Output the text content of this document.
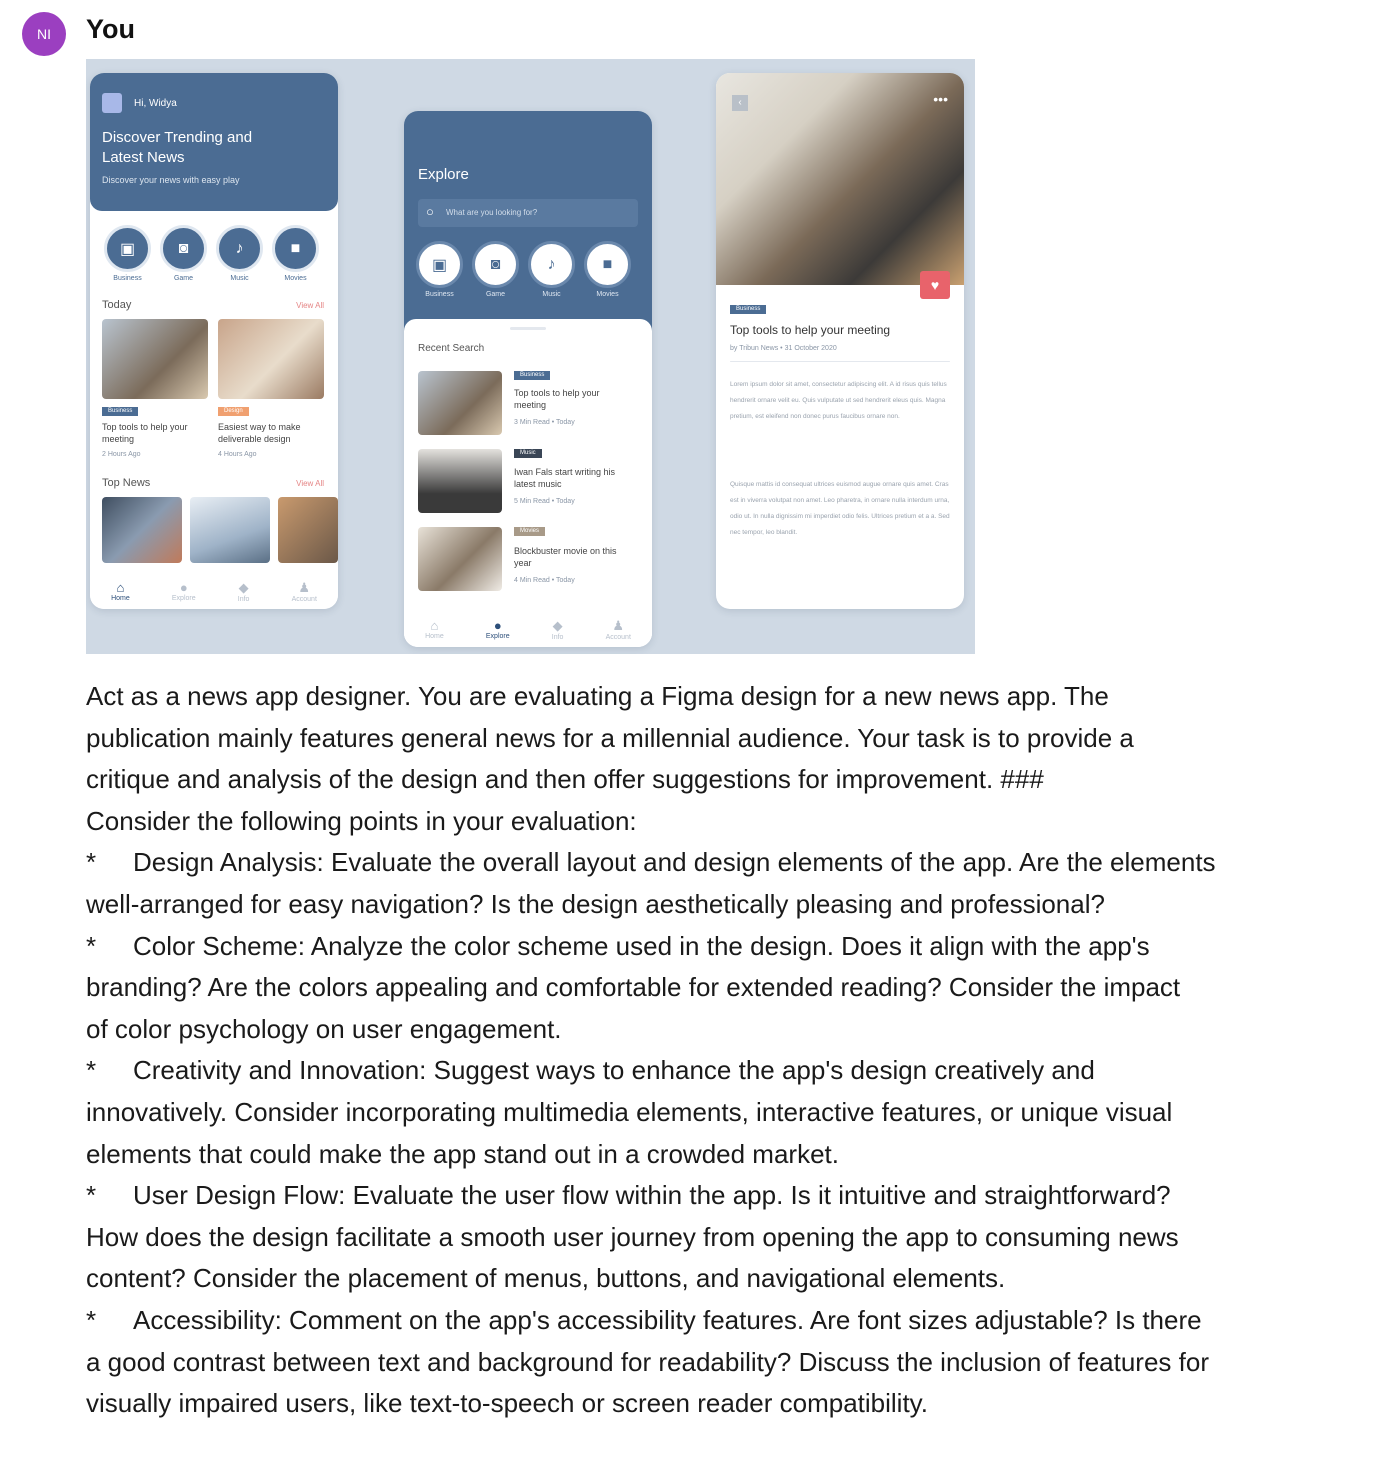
NI	You
Hi, Widya
Discover Trending and Latest News
Discover your news with easy play
▣
Business
◙
Game
♪
Music
■
Movies
Today	View All
Business	Design
Top tools to help your meeting
Easiest way to make deliverable design
2 Hours Ago	4 Hours Ago
Top News	View All
⌂
Home
●
Explore
◆
Info
♟
Account
Explore
○ What are you looking for?
▣
Business
◙
Game
♪
Music
■
Movies
Recent Search
Business
Top tools to help your meeting
3 Min Read • Today
Music
Iwan Fals start writing his latest music
5 Min Read • Today
Movies
Blockbuster movie on this year
4 Min Read • Today
⌂
Home
●
Explore
◆
Info
♟
Account
‹	•••
♥
Business
Top tools to help your meeting
by Tribun News • 31 October 2020
Lorem ipsum dolor sit amet, consectetur adipiscing elit. A id risus quis tellus hendrerit ornare velit eu. Quis vulputate ut sed hendrerit eleus quis. Magna pretium, est eleifend non donec purus faucibus ornare non.
Quisque mattis id consequat ultrices euismod augue ornare quis amet. Cras est in viverra volutpat non amet. Leo pharetra, in ornare nulla interdum urna, odio ut. In nulla dignissim mi imperdiet odio felis. Ultrices pretium et a a. Sed nec tempor, leo blandit.

Act as a news app designer. You are evaluating a Figma design for a new news app. The

publication mainly features general news for a millennial audience. Your task is to provide a

critique and analysis of the design and then offer suggestions for improvement. ###

Consider the following points in your evaluation:

* Design Analysis: Evaluate the overall layout and design elements of the app. Are the elements

well-arranged for easy navigation? Is the design aesthetically pleasing and professional?

* Color Scheme: Analyze the color scheme used in the design. Does it align with the app's

branding? Are the colors appealing and comfortable for extended reading? Consider the impact

of color psychology on user engagement.

* Creativity and Innovation: Suggest ways to enhance the app's design creatively and

innovatively. Consider incorporating multimedia elements, interactive features, or unique visual

elements that could make the app stand out in a crowded market.

* User Design Flow: Evaluate the user flow within the app. Is it intuitive and straightforward?

How does the design facilitate a smooth user journey from opening the app to consuming news

content? Consider the placement of menus, buttons, and navigational elements.

* Accessibility: Comment on the app's accessibility features. Are font sizes adjustable? Is there

a good contrast between text and background for readability? Discuss the inclusion of features for

visually impaired users, like text-to-speech or screen reader compatibility.
